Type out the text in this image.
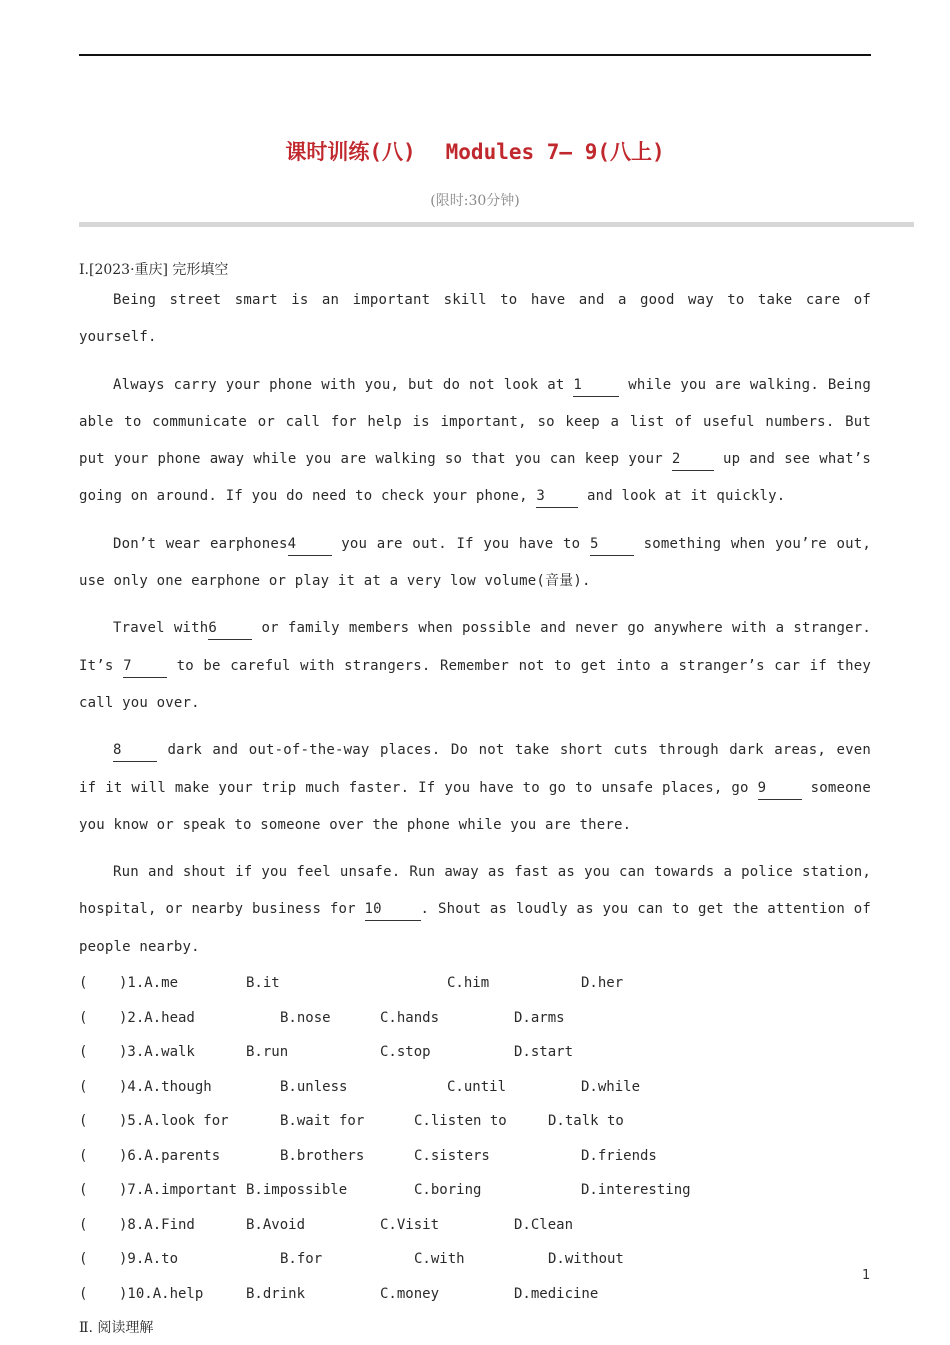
课时训练(八) Modules 7— 9(八上)
(限时:30分钟)
Ⅰ.[2023·重庆] 完形填空
Being street smart is an important skill to have and a good way to take care of yourself.
Always carry your phone with you, but do not look at 1	while you are walking. Being able to communicate or call for help is important, so keep a list of useful numbers. But put your phone away while you are walking so that you can keep your 2 up and see what’s going on around. If you do need to check your phone, 3 and look at it quickly.
Don’t wear earphones4	you are out. If you have to 5	something when you’re out, use only one earphone or play it at a very low volume(音量).
Travel with6	or family members when possible and never go anywhere with a stranger. It’s 7	to be careful with strangers. Remember not to get into a stranger’s car if they call you over.
8	dark and out-of-the-way places. Do not take short cuts through dark areas, even if it will make your trip much faster. If you have to go to unsafe places, go 9	someone you know or speak to someone over the phone while you are there.
Run and shout if you feel unsafe. Run away as fast as you can towards a police station, hospital, or nearby business for 10	. Shout as loudly as you can to get the attention of people nearby.
( )1.A.me	B.it	C.him	D.her
( )2.A.head	B.nose	C.hands	D.arms
( )3.A.walk	B.run	C.stop	D.start
( )4.A.though	B.unless	C.until	D.while
( )5.A.look for	B.wait for	C.listen to	D.talk to
( )6.A.parents	B.brothers	C.sisters	D.friends
( )7.A.important B.impossible	C.boring	D.interesting
( )8.A.Find	B.Avoid	C.Visit	D.Clean
( )9.A.to	B.for	C.with	D.without
( )10.A.help	B.drink	C.money	D.medicine
Ⅱ. 阅读理解
1
